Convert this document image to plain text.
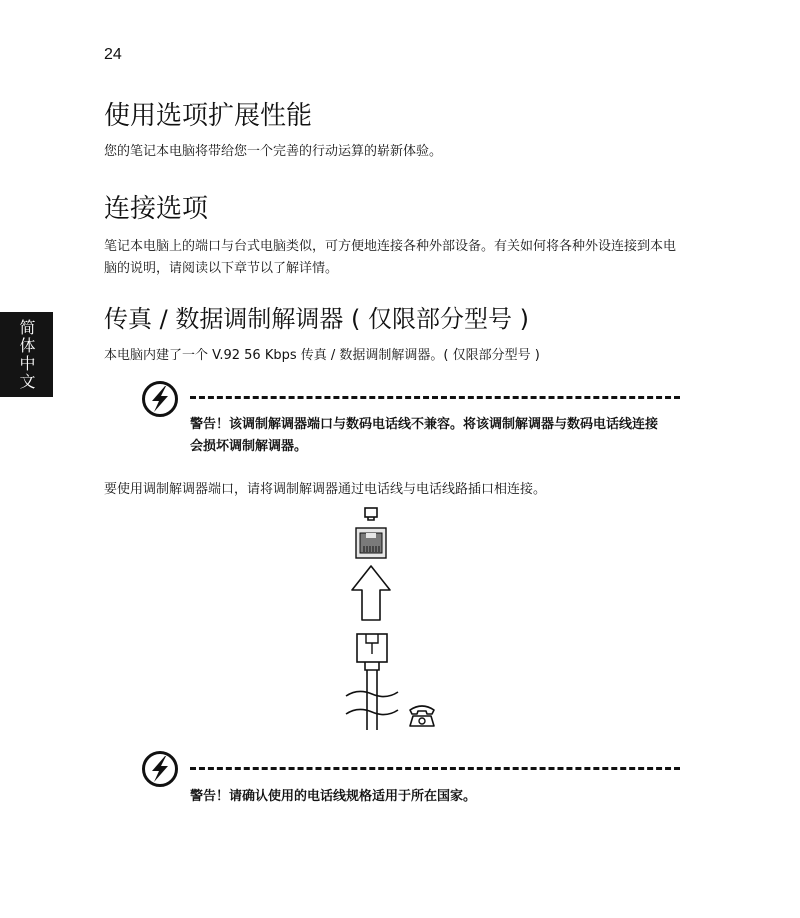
24
简体中文
使用选项扩展性能
您的笔记本电脑将带给您一个完善的行动运算的崭新体验。
连接选项
笔记本电脑上的端口与台式电脑类似，可方便地连接各种外部设备。有关如何将各种外设连接到本电脑的说明，请阅读以下章节以了解详情。
传真 / 数据调制解调器 ( 仅限部分型号 )
本电脑内建了一个 V.92 56 Kbps 传真 / 数据调制解调器。( 仅限部分型号 )
警告！该调制解调器端口与数码电话线不兼容。将该调制解调器与数码电话线连接会损坏调制解调器。
要使用调制解调器端口，请将调制解调器通过电话线与电话线路插口相连接。
警告！请确认使用的电话线规格适用于所在国家。
